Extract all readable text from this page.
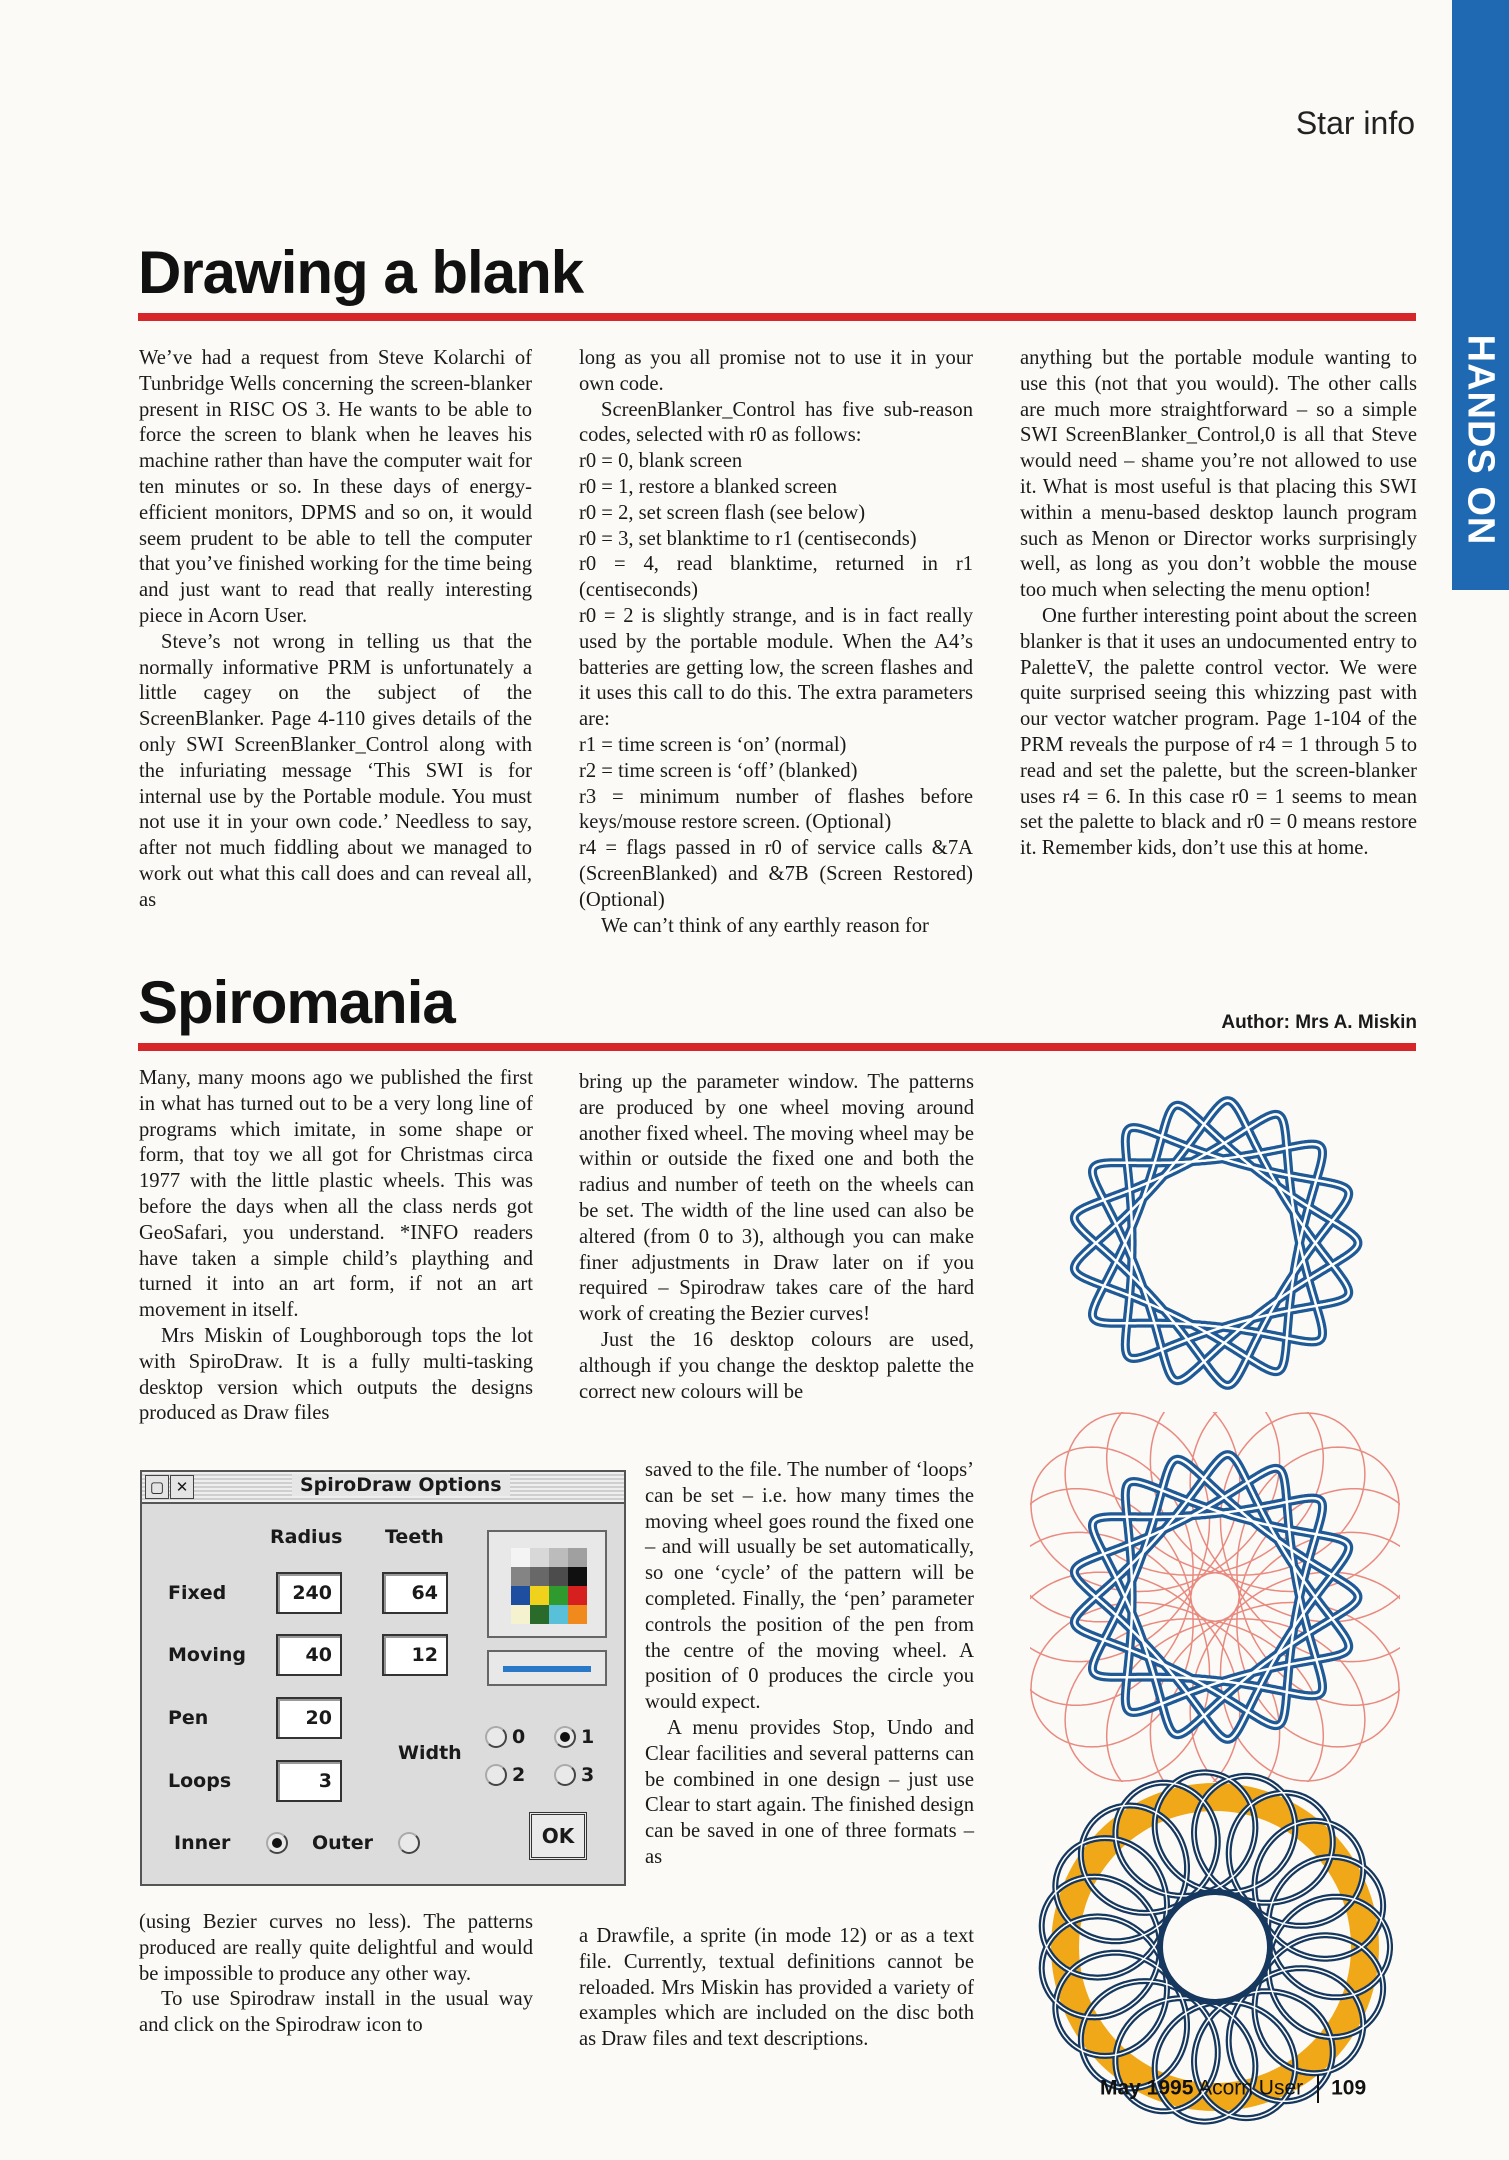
HANDS ON
Star info
Drawing a blank

We’ve had a request from Steve Kolarchi of Tunbridge Wells concerning the screen-blanker present in RISC OS 3. He wants to be able to force the screen to blank when he leaves his machine rather than have the computer wait for ten minutes or so. In these days of energy-efficient monitors, DPMS and so on, it would seem prudent to be able to tell the computer that you’ve finished working for the time being and just want to read that really interesting piece in Acorn User.

Steve’s not wrong in telling us that the normally informative PRM is unfortunately a little cagey on the subject of the ScreenBlanker. Page 4-110 gives details of the only SWI ScreenBlanker_Control along with the infuriating message ‘This SWI is for internal use by the Portable module. You must not use it in your own code.’ Needless to say, after not much fiddling about we managed to work out what this call does and can reveal all, as

long as you all promise not to use it in your own code.

ScreenBlanker_Control has five sub-reason codes, selected with r0 as follows:

r0 = 0, blank screen

r0 = 1, restore a blanked screen

r0 = 2, set screen flash (see below)

r0 = 3, set blanktime to r1 (centiseconds)

r0 = 4, read blanktime, returned in r1 (centiseconds)

r0 = 2 is slightly strange, and is in fact really used by the portable module. When the A4’s batteries are getting low, the screen flashes and it uses this call to do this. The extra parameters are:

r1 = time screen is ‘on’ (normal)

r2 = time screen is ‘off’ (blanked)

r3 = minimum number of flashes before keys/mouse restore screen. (Optional)

r4 = flags passed in r0 of service calls &7A (ScreenBlanked) and &7B (Screen Restored) (Optional)

We can’t think of any earthly reason for

anything but the portable module wanting to use this (not that you would). The other calls are much more straightforward – so a simple SWI ScreenBlanker_Control,0 is all that Steve would need – shame you’re not allowed to use it. What is most useful is that placing this SWI within a menu-based desktop launch program such as Menon or Director works surprisingly well, as long as you don’t wobble the mouse too much when selecting the menu option!

One further interesting point about the screen blanker is that it uses an undocumented entry to PaletteV, the palette control vector. We were quite surprised seeing this whizzing past with our vector watcher program. Page 1-104 of the PRM reveals the purpose of r4 = 1 through 5 to read and set the palette, but the screen-blanker uses r4 = 6. In this case r0 = 1 seems to mean set the palette to black and r0 = 0 means restore it. Remember kids, don’t use this at home.

Spiromania	Author: Mrs A. Miskin

Many, many moons ago we published the first in what has turned out to be a very long line of programs which imitate, in some shape or form, that toy we all got for Christmas circa 1977 with the little plastic wheels. This was before the days when all the class nerds got GeoSafari, you understand. *INFO readers have taken a simple child’s plaything and turned it into an art form, if not an art movement in itself.

Mrs Miskin of Loughborough tops the lot with SpiroDraw. It is a fully multi-tasking desktop version which outputs the designs produced as Draw files

(using Bezier curves no less). The patterns produced are really quite delightful and would be impossible to produce any other way.

To use Spirodraw install in the usual way and click on the Spirodraw icon to

bring up the parameter window. The patterns are produced by one wheel moving around another fixed wheel. The moving wheel may be within or outside the fixed one and both the radius and number of teeth on the wheels can be set. The width of the line used can also be altered (from 0 to 3), although you can make finer adjustments in Draw later on if you required – Spirodraw takes care of the hard work of creating the Bezier curves!

Just the 16 desktop colours are used, although if you change the desktop palette the correct new colours will be

saved to the file. The number of ‘loops’ can be set – i.e. how many times the moving wheel goes round the fixed one – and will usually be set automatically, so one ‘cycle’ of the pattern will be completed. Finally, the ‘pen’ parameter controls the position of the pen from the centre of the moving wheel. A position of 0 produces the circle you would expect.

A menu provides Stop, Undo and Clear facilities and several patterns can be combined in one design – just use Clear to start again. The finished design can be saved in one of three formats – as

a Drawfile, a sprite (in mode 12) or as a text file. Currently, textual definitions cannot be reloaded. Mrs Miskin has provided a variety of examples which are included on the disc both as Draw files and text descriptions.

▢ ✕	SpiroDraw Options
Radius Teeth
Fixed	240	64
Moving	40	12
Pen	20
Loops	3
Width
0	1
2	3
Inner	Outer	OK
May 1995 Acorn User 109
